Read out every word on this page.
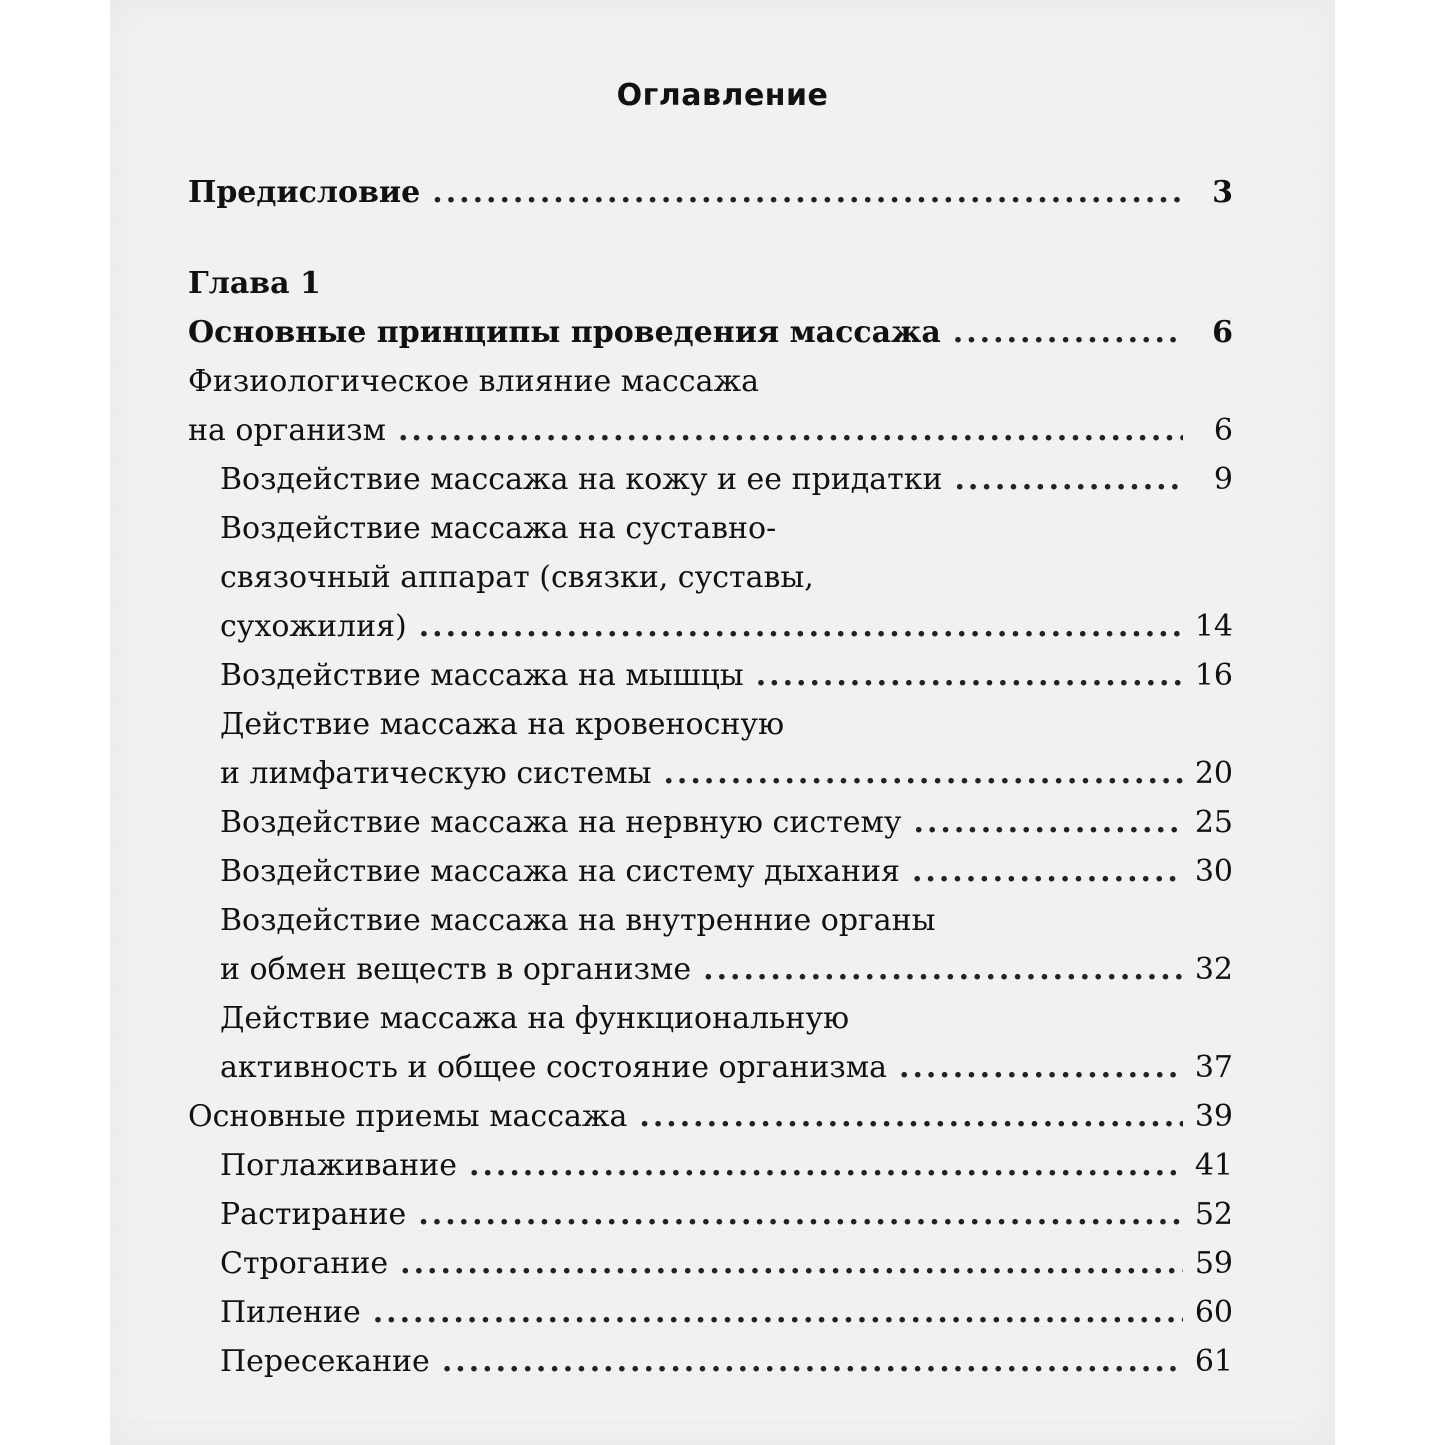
Оглавление
Предисловие .....	3
Глава 1
Основные принципы проведения массажа .....	6
Физиологическое влияние массажа
на организм .....	6
Воздействие массажа на кожу и ее придатки .....	9
Воздействие массажа на суставно-
связочный аппарат (связки, суставы,
сухожилия) .....	14
Воздействие массажа на мышцы .....	16
Действие массажа на кровеносную
и лимфатическую системы .....	20
Воздействие массажа на нервную систему .....	25
Воздействие массажа на систему дыхания .....	30
Воздействие массажа на внутренние органы
и обмен веществ в организме .....	32
Действие массажа на функциональную
активность и общее состояние организма .....	37
Основные приемы массажа .....	39
Поглаживание .....	41
Растирание .....	52
Строгание .....	59
Пиление .....	60
Пересекание .....	61
